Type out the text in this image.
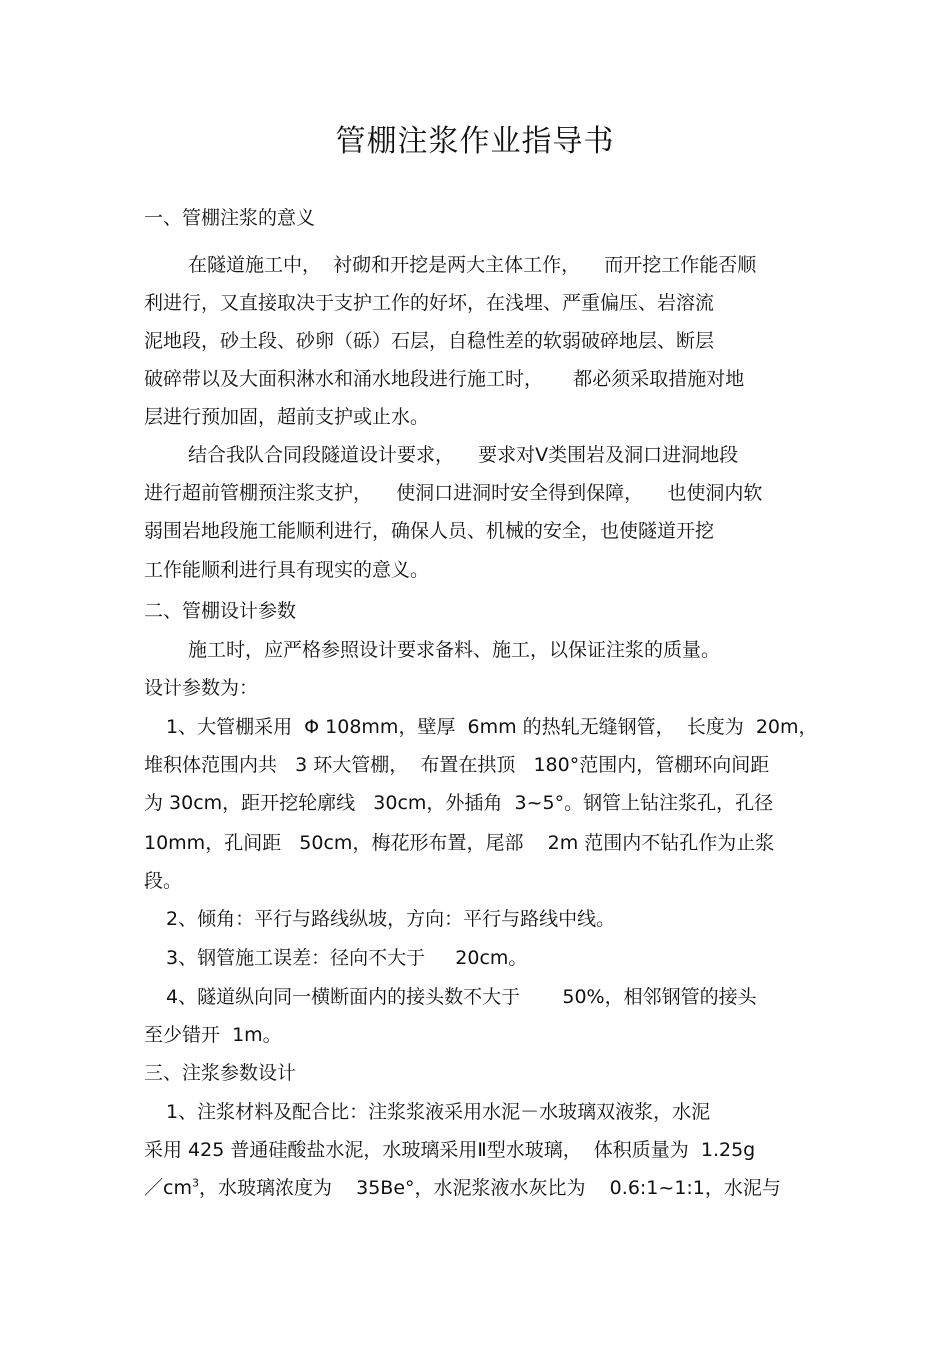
管棚注浆作业指导书
一、管棚注浆的意义
在隧道施工中，  衬砌和开挖是两大主体工作，    而开挖工作能否顺
利进行，又直接取决于支护工作的好坏，在浅埋、严重偏压、岩溶流
泥地段，砂土段、砂卵（砾）石层，自稳性差的软弱破碎地层、断层
破碎带以及大面积淋水和涌水地段进行施工时，     都必须采取措施对地
层进行预加固，超前支护或止水。
结合我队合同段隧道设计要求，    要求对Ⅴ类围岩及洞口进洞地段
进行超前管棚预注浆支护，    使洞口进洞时安全得到保障，    也使洞内软
弱围岩地段施工能顺利进行，确保人员、机械的安全，也使隧道开挖
工作能顺利进行具有现实的意义。
二、管棚设计参数
施工时，应严格参照设计要求备料、施工，以保证注浆的质量。
设计参数为：
1、大管棚采用  Φ 108mm，壁厚  6mm 的热轧无缝钢管，  长度为  20m，
堆积体范围内共   3 环大管棚，  布置在拱顶   180°范围内，管棚环向间距
为 30cm，距开挖轮廓线   30cm，外插角  3~5°。钢管上钻注浆孔，孔径
10mm，孔间距   50cm，梅花形布置，尾部    2m 范围内不钻孔作为止浆
段。
2、倾角：平行与路线纵坡，方向：平行与路线中线。
3、钢管施工误差：径向不大于     20cm。
4、隧道纵向同一横断面内的接头数不大于       50%，相邻钢管的接头
至少错开  1m。
三、注浆参数设计
1、注浆材料及配合比：注浆浆液采用水泥－水玻璃双液浆，水泥
采用 425 普通硅酸盐水泥，水玻璃采用Ⅱ型水玻璃，  体积质量为  1.25g
$/cm^3$，水玻璃浓度为    35Be°，水泥浆液水灰比为    0.6:1~1:1，水泥与
